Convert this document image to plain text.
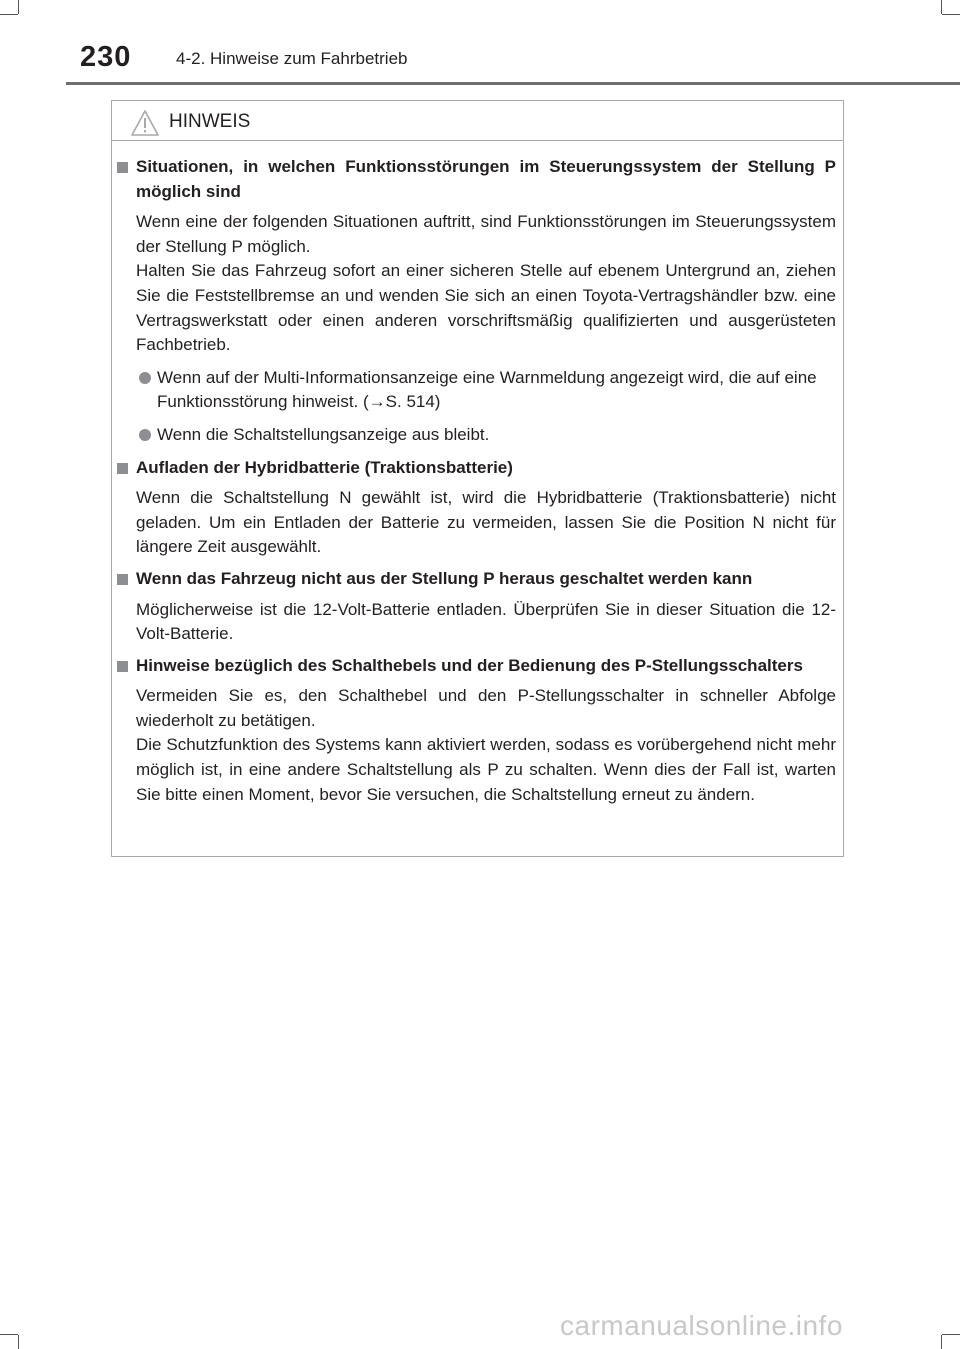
230	4-2. Hinweise zum Fahrbetrieb
HINWEIS
Situationen, in welchen Funktionsstörungen im Steuerungssystem der Stellung P möglich sind
Wenn eine der folgenden Situationen auftritt, sind Funktionsstörungen im Steuerungssystem der Stellung P möglich.
Halten Sie das Fahrzeug sofort an einer sicheren Stelle auf ebenem Untergrund an, ziehen Sie die Feststellbremse an und wenden Sie sich an einen Toyota-Vertragshändler bzw. eine Vertragswerkstatt oder einen anderen vorschriftsmäßig qualifizierten und ausgerüsteten Fachbetrieb.
Wenn auf der Multi-Informationsanzeige eine Warnmeldung angezeigt wird, die auf eine Funktionsstörung hinweist. (→S. 514)
Wenn die Schaltstellungsanzeige aus bleibt.
Aufladen der Hybridbatterie (Traktionsbatterie)
Wenn die Schaltstellung N gewählt ist, wird die Hybridbatterie (Traktionsbatterie) nicht geladen. Um ein Entladen der Batterie zu vermeiden, lassen Sie die Position N nicht für längere Zeit ausgewählt.
Wenn das Fahrzeug nicht aus der Stellung P heraus geschaltet werden kann
Möglicherweise ist die 12-Volt-Batterie entladen. Überprüfen Sie in dieser Situation die 12-Volt-Batterie.
Hinweise bezüglich des Schalthebels und der Bedienung des P-Stellungsschalters
Vermeiden Sie es, den Schalthebel und den P-Stellungsschalter in schneller Abfolge wiederholt zu betätigen.
Die Schutzfunktion des Systems kann aktiviert werden, sodass es vorübergehend nicht mehr möglich ist, in eine andere Schaltstellung als P zu schalten. Wenn dies der Fall ist, warten Sie bitte einen Moment, bevor Sie versuchen, die Schaltstellung erneut zu ändern.
carmanualsonline.info
